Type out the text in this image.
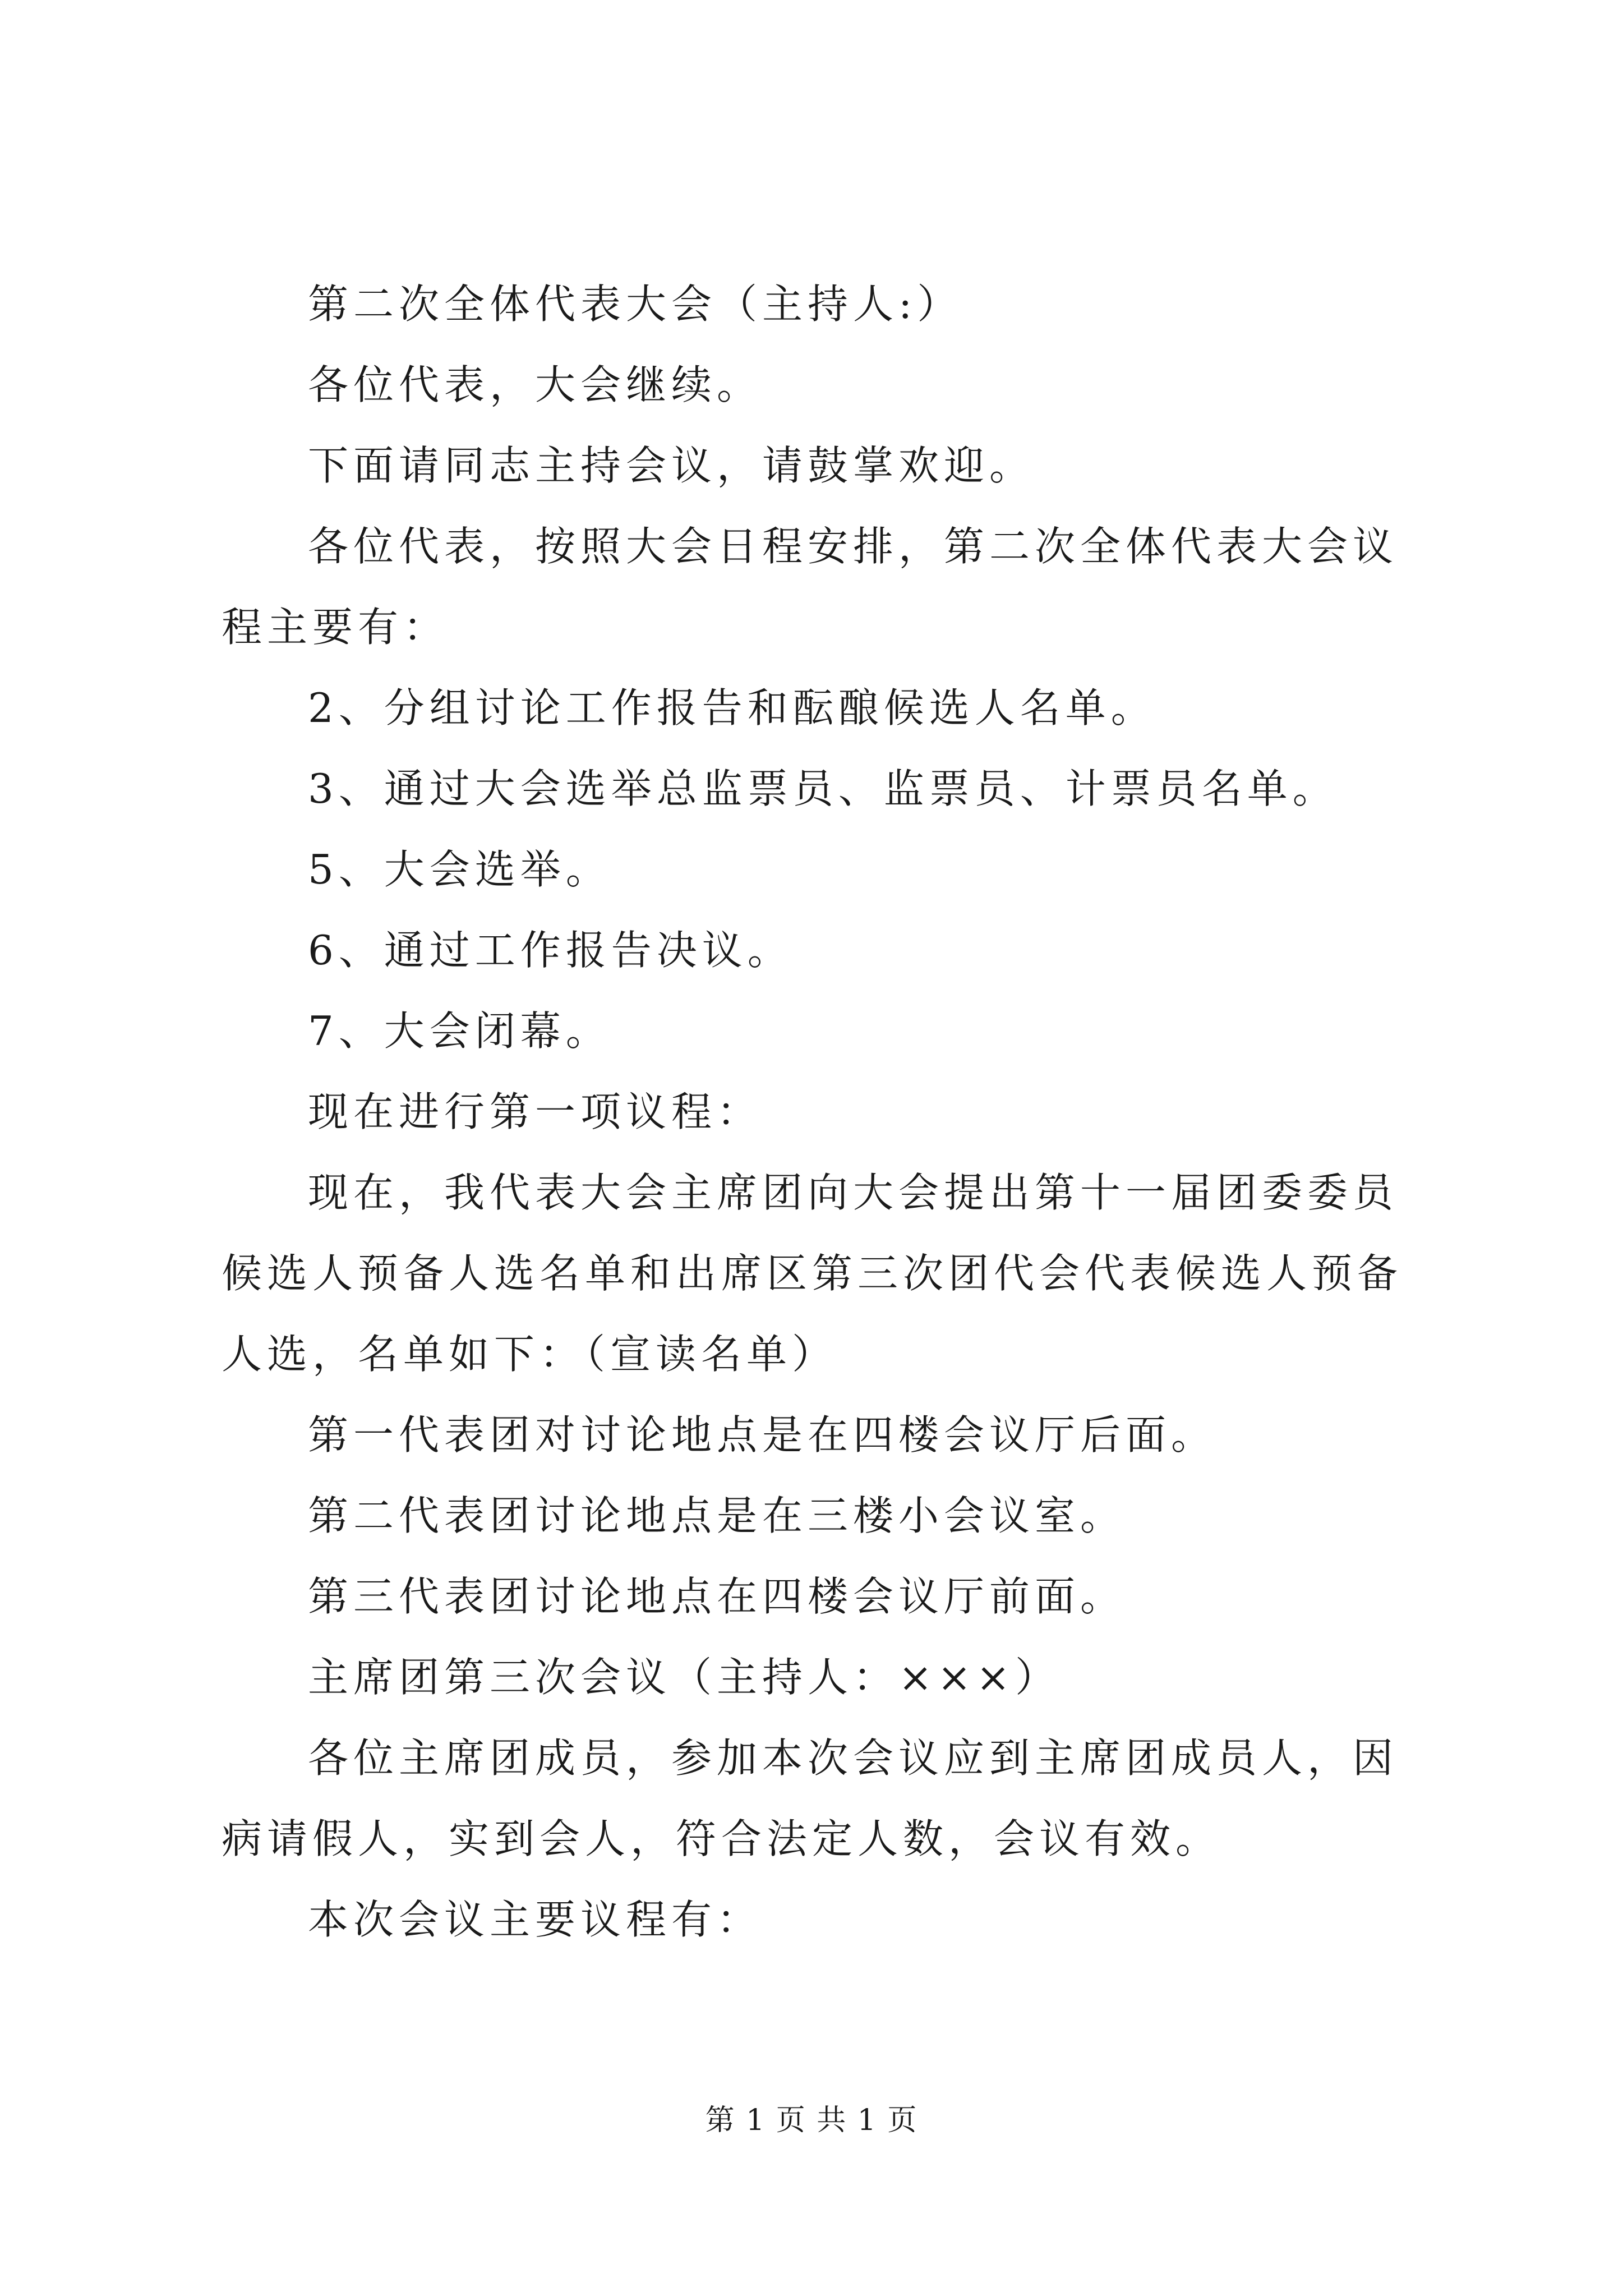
第二次全体代表大会（主持人:）

各位代表，大会继续。

下面请同志主持会议，请鼓掌欢迎。

各位代表，按照大会日程安排，第二次全体代表大会议程主要有：

2、分组讨论工作报告和酝酿候选人名单。

3、通过大会选举总监票员、监票员、计票员名单。

5、大会选举。

6、通过工作报告决议。

7、大会闭幕。

现在进行第一项议程：

现在，我代表大会主席团向大会提出第十一届团委委员候选人预备人选名单和出席区第三次团代会代表候选人预备人选，名单如下：（宣读名单）

第一代表团对讨论地点是在四楼会议厅后面。

第二代表团讨论地点是在三楼小会议室。

第三代表团讨论地点在四楼会议厅前面。

主席团第三次会议（主持人：×××）

各位主席团成员，参加本次会议应到主席团成员人，因病请假人，实到会人，符合法定人数，会议有效。

本次会议主要议程有：

第 1 页 共 1 页
